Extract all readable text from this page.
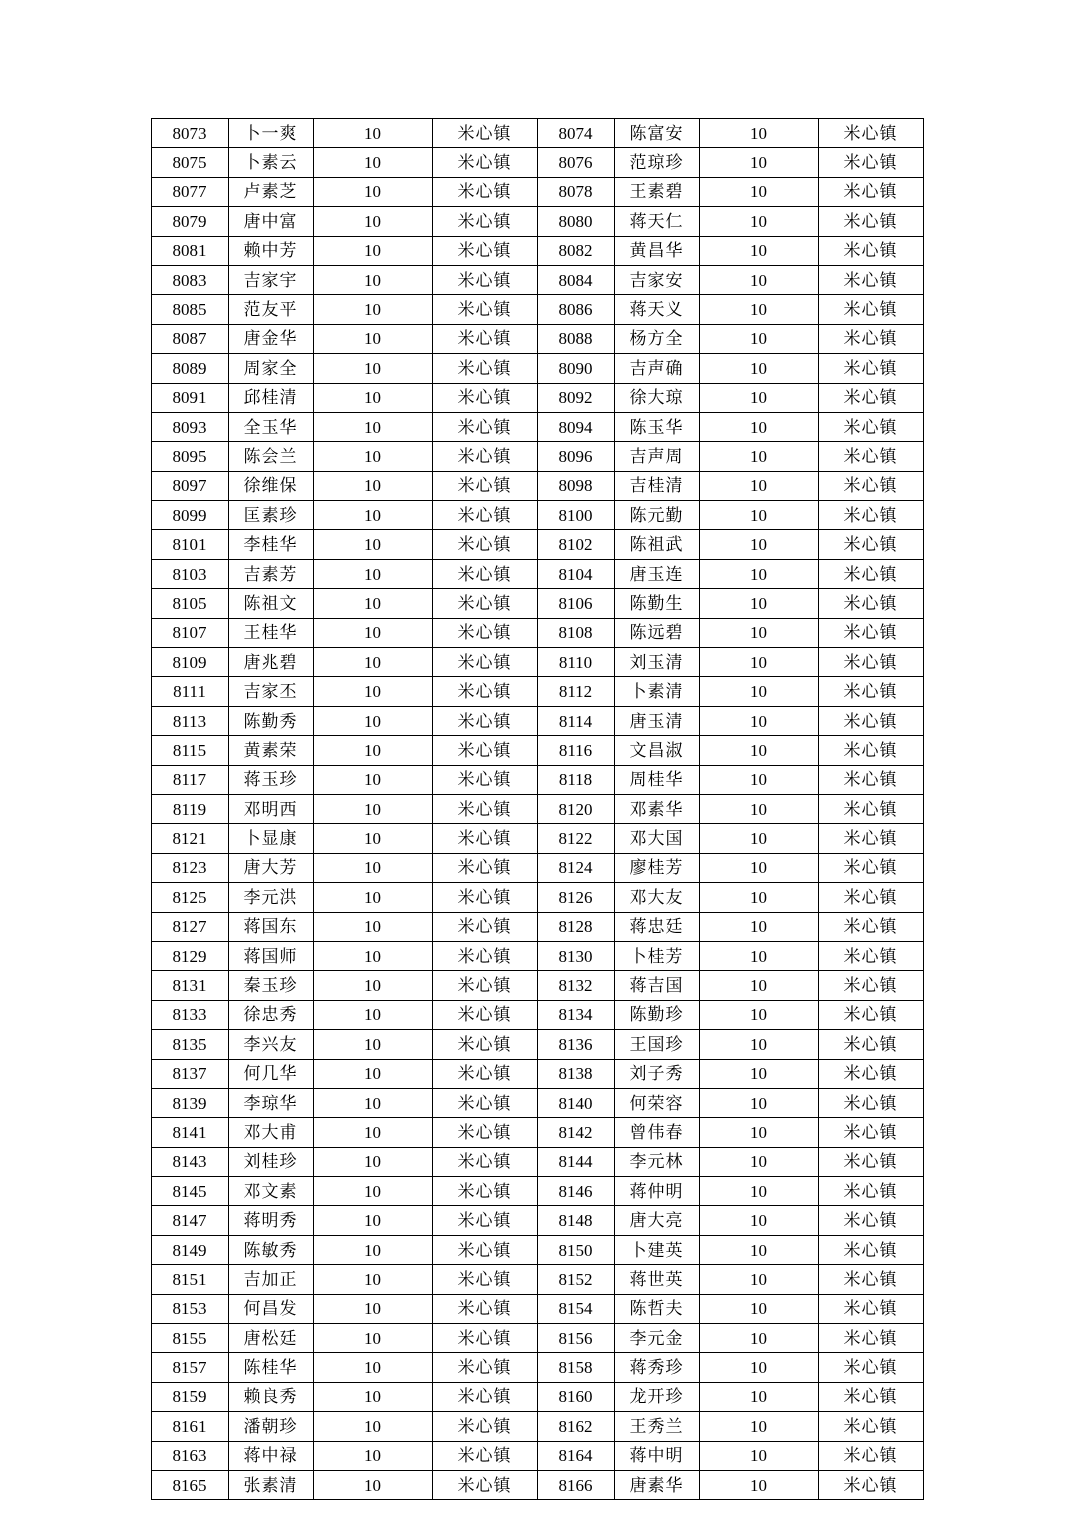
8073	卜一爽	10	米心镇	8074	陈富安	10	米心镇
8075	卜素云	10	米心镇	8076	范琼珍	10	米心镇
8077	卢素芝	10	米心镇	8078	王素碧	10	米心镇
8079	唐中富	10	米心镇	8080	蒋天仁	10	米心镇
8081	赖中芳	10	米心镇	8082	黄昌华	10	米心镇
8083	吉家宇	10	米心镇	8084	吉家安	10	米心镇
8085	范友平	10	米心镇	8086	蒋天义	10	米心镇
8087	唐金华	10	米心镇	8088	杨方全	10	米心镇
8089	周家全	10	米心镇	8090	吉声确	10	米心镇
8091	邱桂清	10	米心镇	8092	徐大琼	10	米心镇
8093	全玉华	10	米心镇	8094	陈玉华	10	米心镇
8095	陈会兰	10	米心镇	8096	吉声周	10	米心镇
8097	徐维保	10	米心镇	8098	吉桂清	10	米心镇
8099	匡素珍	10	米心镇	8100	陈元勤	10	米心镇
8101	李桂华	10	米心镇	8102	陈祖武	10	米心镇
8103	吉素芳	10	米心镇	8104	唐玉连	10	米心镇
8105	陈祖文	10	米心镇	8106	陈勤生	10	米心镇
8107	王桂华	10	米心镇	8108	陈远碧	10	米心镇
8109	唐兆碧	10	米心镇	8110	刘玉清	10	米心镇
8111	吉家丕	10	米心镇	8112	卜素清	10	米心镇
8113	陈勤秀	10	米心镇	8114	唐玉清	10	米心镇
8115	黄素荣	10	米心镇	8116	文昌淑	10	米心镇
8117	蒋玉珍	10	米心镇	8118	周桂华	10	米心镇
8119	邓明西	10	米心镇	8120	邓素华	10	米心镇
8121	卜显康	10	米心镇	8122	邓大国	10	米心镇
8123	唐大芳	10	米心镇	8124	廖桂芳	10	米心镇
8125	李元洪	10	米心镇	8126	邓大友	10	米心镇
8127	蒋国东	10	米心镇	8128	蒋忠廷	10	米心镇
8129	蒋国师	10	米心镇	8130	卜桂芳	10	米心镇
8131	秦玉珍	10	米心镇	8132	蒋吉国	10	米心镇
8133	徐忠秀	10	米心镇	8134	陈勤珍	10	米心镇
8135	李兴友	10	米心镇	8136	王国珍	10	米心镇
8137	何几华	10	米心镇	8138	刘子秀	10	米心镇
8139	李琼华	10	米心镇	8140	何荣容	10	米心镇
8141	邓大甫	10	米心镇	8142	曾伟春	10	米心镇
8143	刘桂珍	10	米心镇	8144	李元林	10	米心镇
8145	邓文素	10	米心镇	8146	蒋仲明	10	米心镇
8147	蒋明秀	10	米心镇	8148	唐大亮	10	米心镇
8149	陈敏秀	10	米心镇	8150	卜建英	10	米心镇
8151	吉加正	10	米心镇	8152	蒋世英	10	米心镇
8153	何昌发	10	米心镇	8154	陈哲夫	10	米心镇
8155	唐松廷	10	米心镇	8156	李元金	10	米心镇
8157	陈桂华	10	米心镇	8158	蒋秀珍	10	米心镇
8159	赖良秀	10	米心镇	8160	龙开珍	10	米心镇
8161	潘朝珍	10	米心镇	8162	王秀兰	10	米心镇
8163	蒋中禄	10	米心镇	8164	蒋中明	10	米心镇
8165	张素清	10	米心镇	8166	唐素华	10	米心镇
